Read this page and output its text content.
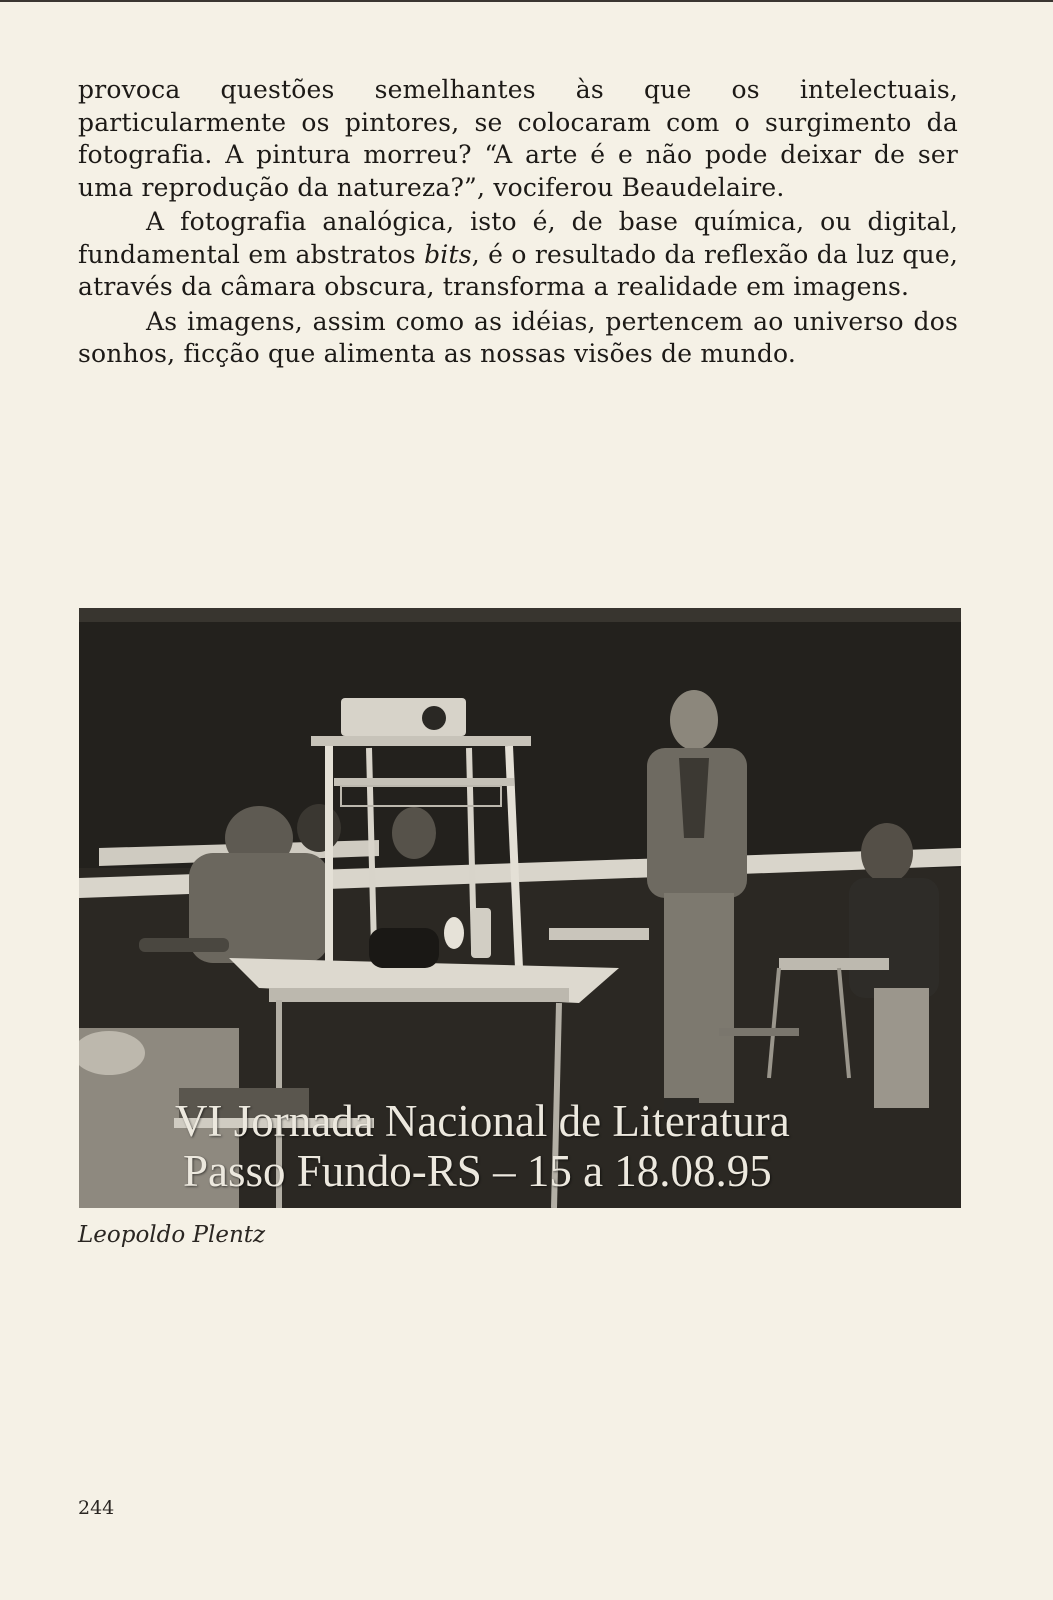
provoca questões semelhantes às que os intelectuais, particularmente os pintores, se colocaram com o surgimento da fotografia. A pintura morreu? “A arte é e não pode deixar de ser uma reprodução da natureza?”, vociferou Beaudelaire.

A fotografia analógica, isto é, de base química, ou digital, fundamental em abstratos bits, é o resultado da reflexão da luz que, através da câmara obscura, transforma a realidade em imagens.

As imagens, assim como as idéias, pertencem ao universo dos sonhos, ficção que alimenta as nossas visões de mundo.

VI Jornada Nacional de Literatura
Passo Fundo-RS – 15 a 18.08.95
Leopoldo Plentz
244
